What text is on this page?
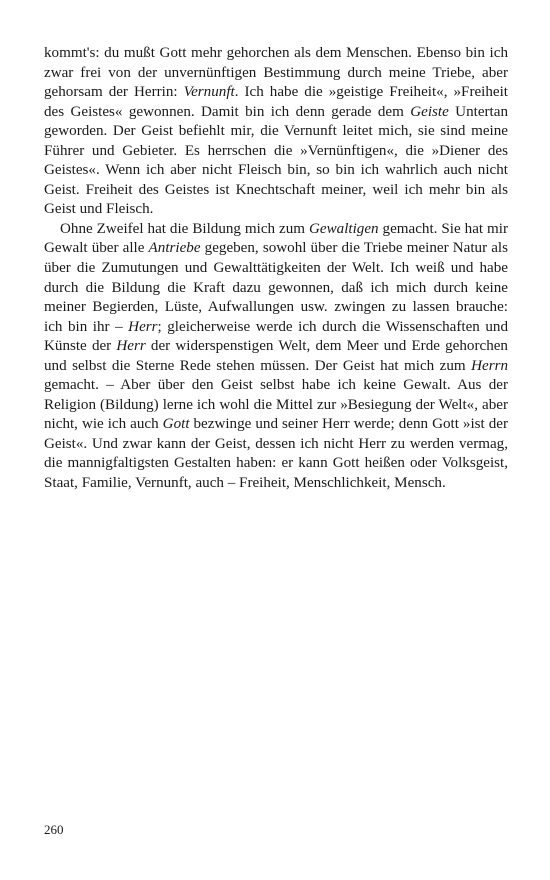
kommt's: du mußt Gott mehr gehorchen als dem Menschen. Ebenso bin ich zwar frei von der unvernünftigen Bestimmung durch meine Triebe, aber gehorsam der Herrin: Vernunft. Ich habe die »geistige Freiheit«, »Freiheit des Geistes« gewonnen. Damit bin ich denn gerade dem Geiste Untertan geworden. Der Geist befiehlt mir, die Vernunft leitet mich, sie sind meine Führer und Gebieter. Es herrschen die »Vernünftigen«, die »Diener des Geistes«. Wenn ich aber nicht Fleisch bin, so bin ich wahrlich auch nicht Geist. Freiheit des Geistes ist Knechtschaft meiner, weil ich mehr bin als Geist und Fleisch.

Ohne Zweifel hat die Bildung mich zum Gewaltigen gemacht. Sie hat mir Gewalt über alle Antriebe gegeben, sowohl über die Triebe meiner Natur als über die Zumutungen und Gewalttätigkeiten der Welt. Ich weiß und habe durch die Bildung die Kraft dazu gewonnen, daß ich mich durch keine meiner Begierden, Lüste, Aufwallungen usw. zwingen zu lassen brauche: ich bin ihr – Herr; gleicherweise werde ich durch die Wissenschaften und Künste der Herr der widerspenstigen Welt, dem Meer und Erde gehorchen und selbst die Sterne Rede stehen müssen. Der Geist hat mich zum Herrn gemacht. – Aber über den Geist selbst habe ich keine Gewalt. Aus der Religion (Bildung) lerne ich wohl die Mittel zur »Besiegung der Welt«, aber nicht, wie ich auch Gott bezwinge und seiner Herr werde; denn Gott »ist der Geist«. Und zwar kann der Geist, dessen ich nicht Herr zu werden vermag, die mannigfaltigsten Gestalten haben: er kann Gott heißen oder Volksgeist, Staat, Familie, Vernunft, auch – Freiheit, Menschlichkeit, Mensch.

260
